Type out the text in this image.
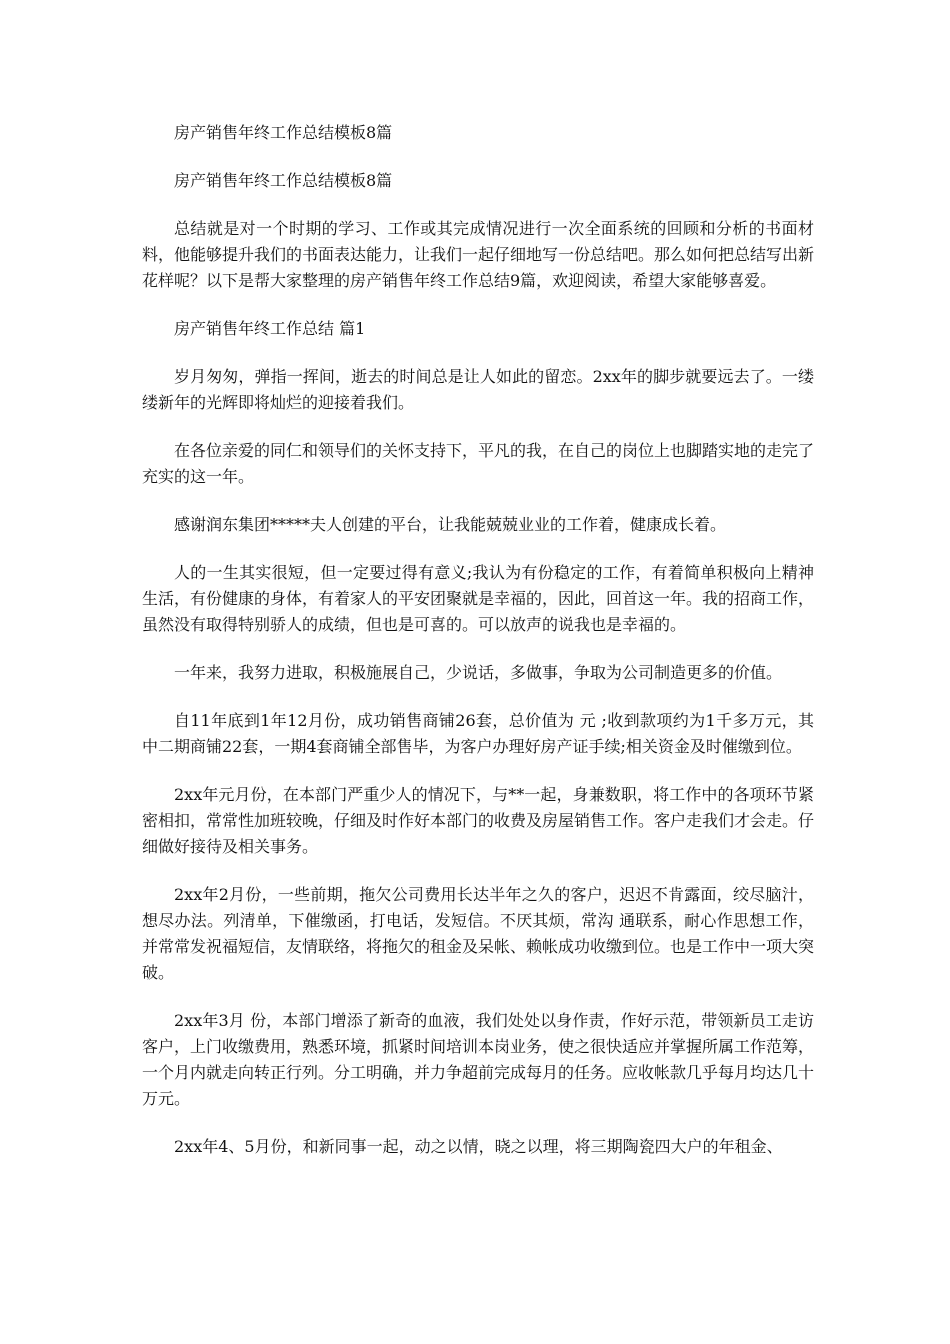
房产销售年终工作总结模板8篇

房产销售年终工作总结模板8篇

总结就是对一个时期的学习、工作或其完成情况进行一次全面系统的回顾和分析的书面材料，他能够提升我们的书面表达能力，让我们一起仔细地写一份总结吧。那么如何把总结写出新花样呢？以下是帮大家整理的房产销售年终工作总结9篇，欢迎阅读，希望大家能够喜爱。

房产销售年终工作总结 篇1

岁月匆匆，弹指一挥间，逝去的时间总是让人如此的留恋。2xx年的脚步就要远去了。一缕缕新年的光辉即将灿烂的迎接着我们。

在各位亲爱的同仁和领导们的关怀支持下，平凡的我，在自己的岗位上也脚踏实地的走完了充实的这一年。

感谢润东集团*****夫人创建的平台，让我能兢兢业业的工作着，健康成长着。

人的一生其实很短，但一定要过得有意义;我认为有份稳定的工作，有着简单积极向上精神生活，有份健康的身体，有着家人的平安团聚就是幸福的，因此，回首这一年。我的招商工作，虽然没有取得特别骄人的成绩，但也是可喜的。可以放声的说我也是幸福的。

一年来，我努力进取，积极施展自己，少说话，多做事，争取为公司制造更多的价值。

自11年底到1年12月份，成功销售商铺26套，总价值为 元 ;收到款项约为1千多万元，其中二期商铺22套，一期4套商铺全部售毕，为客户办理好房产证手续;相关资金及时催缴到位。

2xx年元月份，在本部门严重少人的情况下，与**一起，身兼数职，将工作中的各项环节紧密相扣，常常性加班较晚，仔细及时作好本部门的收费及房屋销售工作。客户走我们才会走。仔细做好接待及相关事务。

2xx年2月份，一些前期，拖欠公司费用长达半年之久的客户，迟迟不肯露面，绞尽脑汁，想尽办法。列清单，下催缴函，打电话，发短信。不厌其烦，常沟 通联系，耐心作思想工作，并常常发祝福短信，友情联络，将拖欠的租金及呆帐、赖帐成功收缴到位。也是工作中一项大突破。

2xx年3月 份，本部门增添了新奇的血液，我们处处以身作责，作好示范，带领新员工走访客户，上门收缴费用，熟悉环境，抓紧时间培训本岗业务，使之很快适应并掌握所属工作范筹，一个月内就走向转正行列。分工明确，并力争超前完成每月的任务。应收帐款几乎每月均达几十万元。

2xx年4、5月份，和新同事一起，动之以情，晓之以理，将三期陶瓷四大户的年租金、
